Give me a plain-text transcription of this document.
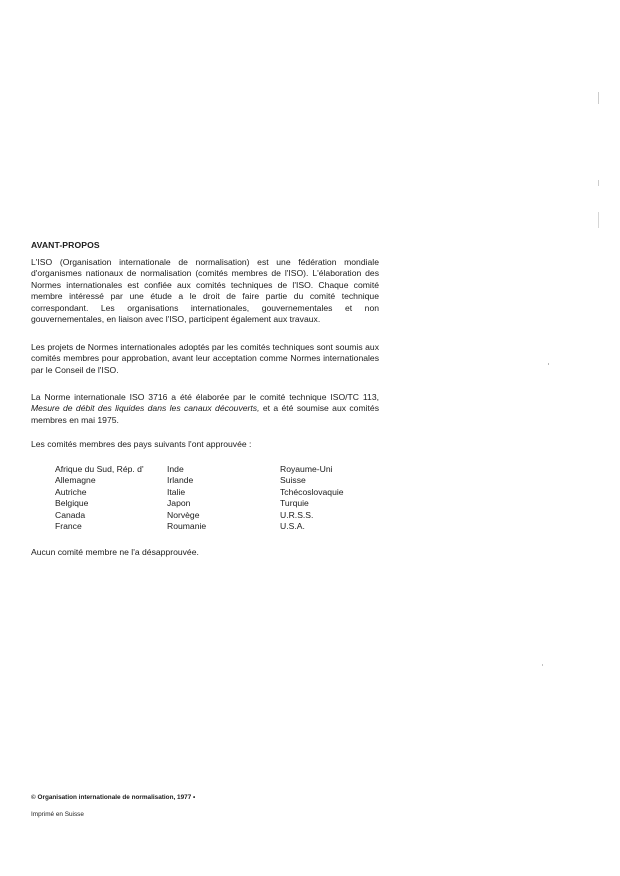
AVANT-PROPOS
L'ISO (Organisation internationale de normalisation) est une fédération mondiale d'organismes nationaux de normalisation (comités membres de l'ISO). L'élaboration des Normes internationales est confiée aux comités techniques de l'ISO. Chaque comité membre intéressé par une étude a le droit de faire partie du comité technique correspondant. Les organisations internationales, gouvernementales et non gouvernementales, en liaison avec l'ISO, participent également aux travaux.
Les projets de Normes internationales adoptés par les comités techniques sont soumis aux comités membres pour approbation, avant leur acceptation comme Normes internationales par le Conseil de l'ISO.
La Norme internationale ISO 3716 a été élaborée par le comité technique ISO/TC 113, Mesure de débit des liquides dans les canaux découverts, et a été soumise aux comités membres en mai 1975.
Les comités membres des pays suivants l'ont approuvée :
Afrique du Sud, Rép. d'
Allemagne
Autriche
Belgique
Canada
France
Inde
Irlande
Italie
Japon
Norvège
Roumanie
Royaume-Uni
Suisse
Tchécoslovaquie
Turquie
U.R.S.S.
U.S.A.
Aucun comité membre ne l'a désapprouvée.
© Organisation internationale de normalisation, 1977 •
Imprimé en Suisse
